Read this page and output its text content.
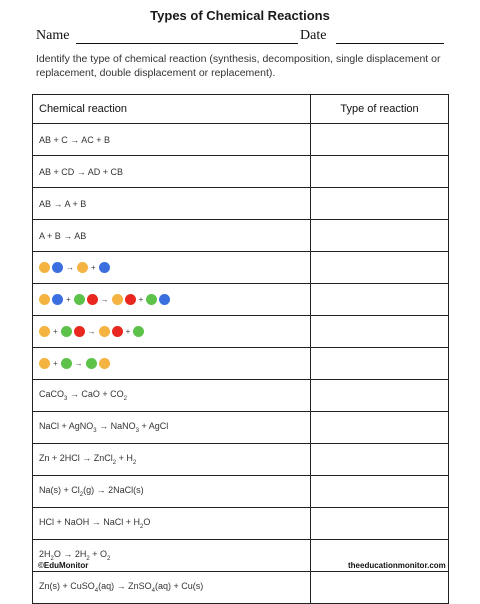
Types of Chemical Reactions
Name	Date
Identify the type of chemical reaction (synthesis, decomposition, single displacement or replacement, double displacement or replacement).
Chemical reaction	Type of reaction
AB + C → AC + B	
AB + CD → AD + CB	
AB → A + B	
A + B → AB	

→ +	

+ → +	

+ → +	

+ →	

CaCO$_3$ → CaO + $CO_2$	
NaCl + AgNO$_3$ → NaNO$_3$ + AgCl	
Zn + 2HCl → ZnCl$_2$ + $H_2$	
$Na(s) + Cl_2(g)$ → 2NaCl(s)	
HCl + NaOH → NaCl + $H_2O$	
$2H_2O \to 2H_2 + O_2$	
Zn(s) + CuSO$_4$(aq) → ZnSO$_4$(aq) + Cu(s)	
©EduMonitor	theeducationmonitor.com
